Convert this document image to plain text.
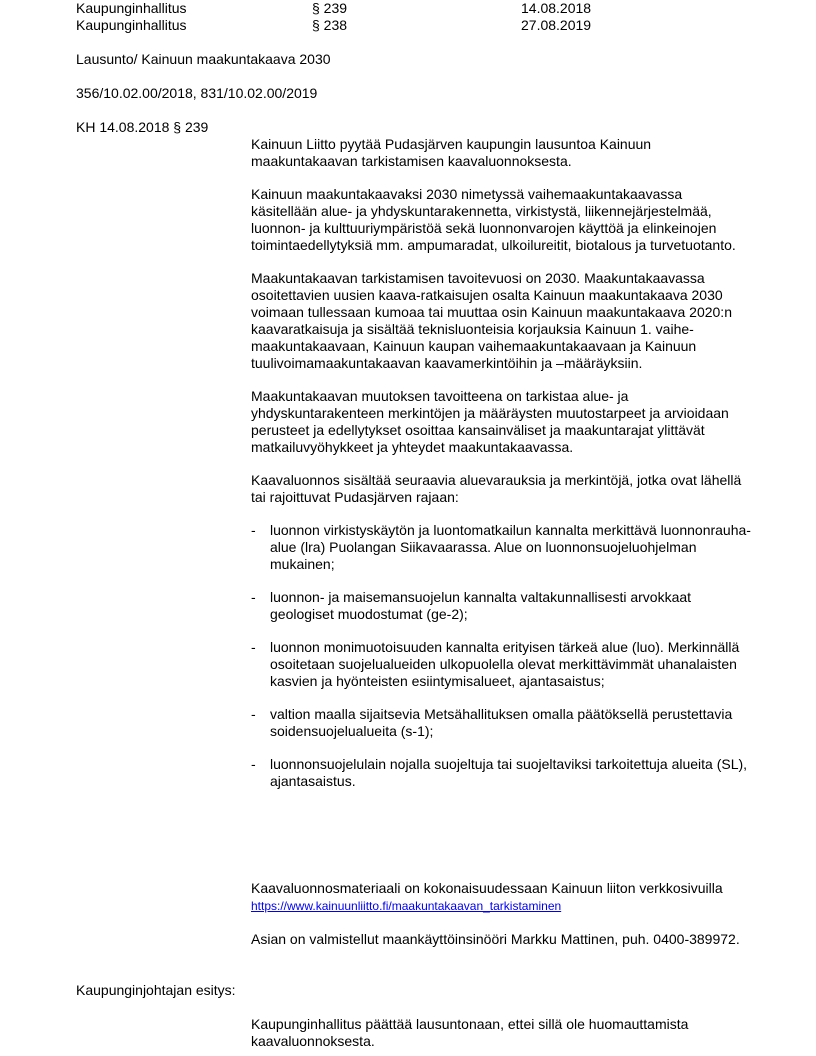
Kaupunginhallitus	§ 239	14.08.2018
Kaupunginhallitus	§ 238	27.08.2019
Lausunto/ Kainuun maakuntakaava 2030
356/10.02.00/2018, 831/10.02.00/2019
KH 14.08.2018 § 239

Kainuun Liitto pyytää Pudasjärven kaupungin lausuntoa Kainuun maakuntakaavan tarkistamisen kaavaluonnoksesta.

Kainuun maakuntakaavaksi 2030 nimetyssä vaihemaakuntakaavassa käsitellään alue- ja yhdyskuntarakennetta, virkistystä, liikennejärjestelmää, luonnon- ja kulttuuriympäristöä sekä luonnonvarojen käyttöä ja elinkeinojen toimintaedellytyksiä mm. ampumaradat, ulkoilureitit, biotalous ja turvetuotanto.

Maakuntakaavan tarkistamisen tavoitevuosi on 2030. Maakuntakaavassa osoitettavien uusien kaava-ratkaisujen osalta Kainuun maakuntakaava 2030 voimaan tullessaan kumoaa tai muuttaa osin Kainuun maakuntakaava 2020:n kaavaratkaisuja ja sisältää teknisluonteisia korjauksia Kainuun 1. vaihe-maakuntakaavaan, Kainuun kaupan vaihemaakuntakaavaan ja Kainuun tuulivoimamaakuntakaavan kaavamerkintöihin ja –määräyksiin.

Maakuntakaavan muutoksen tavoitteena on tarkistaa alue- ja yhdyskuntarakenteen merkintöjen ja määräysten muutostarpeet ja arvioidaan perusteet ja edellytykset osoittaa kansainväliset ja maakuntarajat ylittävät matkailuvyöhykkeet ja yhteydet maakuntakaavassa.

Kaavaluonnos sisältää seuraavia aluevarauksia ja merkintöjä, jotka ovat lähellä tai rajoittuvat Pudasjärven rajaan:

- luonnon virkistyskäytön ja luontomatkailun kannalta merkittävä luonnonrauha-alue (lra) Puolangan Siikavaarassa. Alue on luonnonsuojeluohjelman mukainen;
- luonnon- ja maisemansuojelun kannalta valtakunnallisesti arvokkaat geologiset muodostumat (ge-2);
- luonnon monimuotoisuuden kannalta erityisen tärkeä alue (luo). Merkinnällä osoitetaan suojelualueiden ulkopuolella olevat merkittävimmät uhanalaisten kasvien ja hyönteisten esiintymisalueet, ajantasaistus;
- valtion maalla sijaitsevia Metsähallituksen omalla päätöksellä perustettavia soidensuojelualueita (s-1);
- luonnonsuojelulain nojalla suojeltuja tai suojeltaviksi tarkoitettuja alueita (SL), ajantasaistus.
Kaavaluonnosmateriaali on kokonaisuudessaan Kainuun liiton verkkosivuilla https://www.kainuunliitto.fi/maakuntakaavan_tarkistaminen
Asian on valmistellut maankäyttöinsinööri Markku Mattinen, puh. 0400-389972.
Kaupunginjohtajan esitys:
Kaupunginhallitus päättää lausuntonaan, ettei sillä ole huomauttamista kaavaluonnoksesta.
